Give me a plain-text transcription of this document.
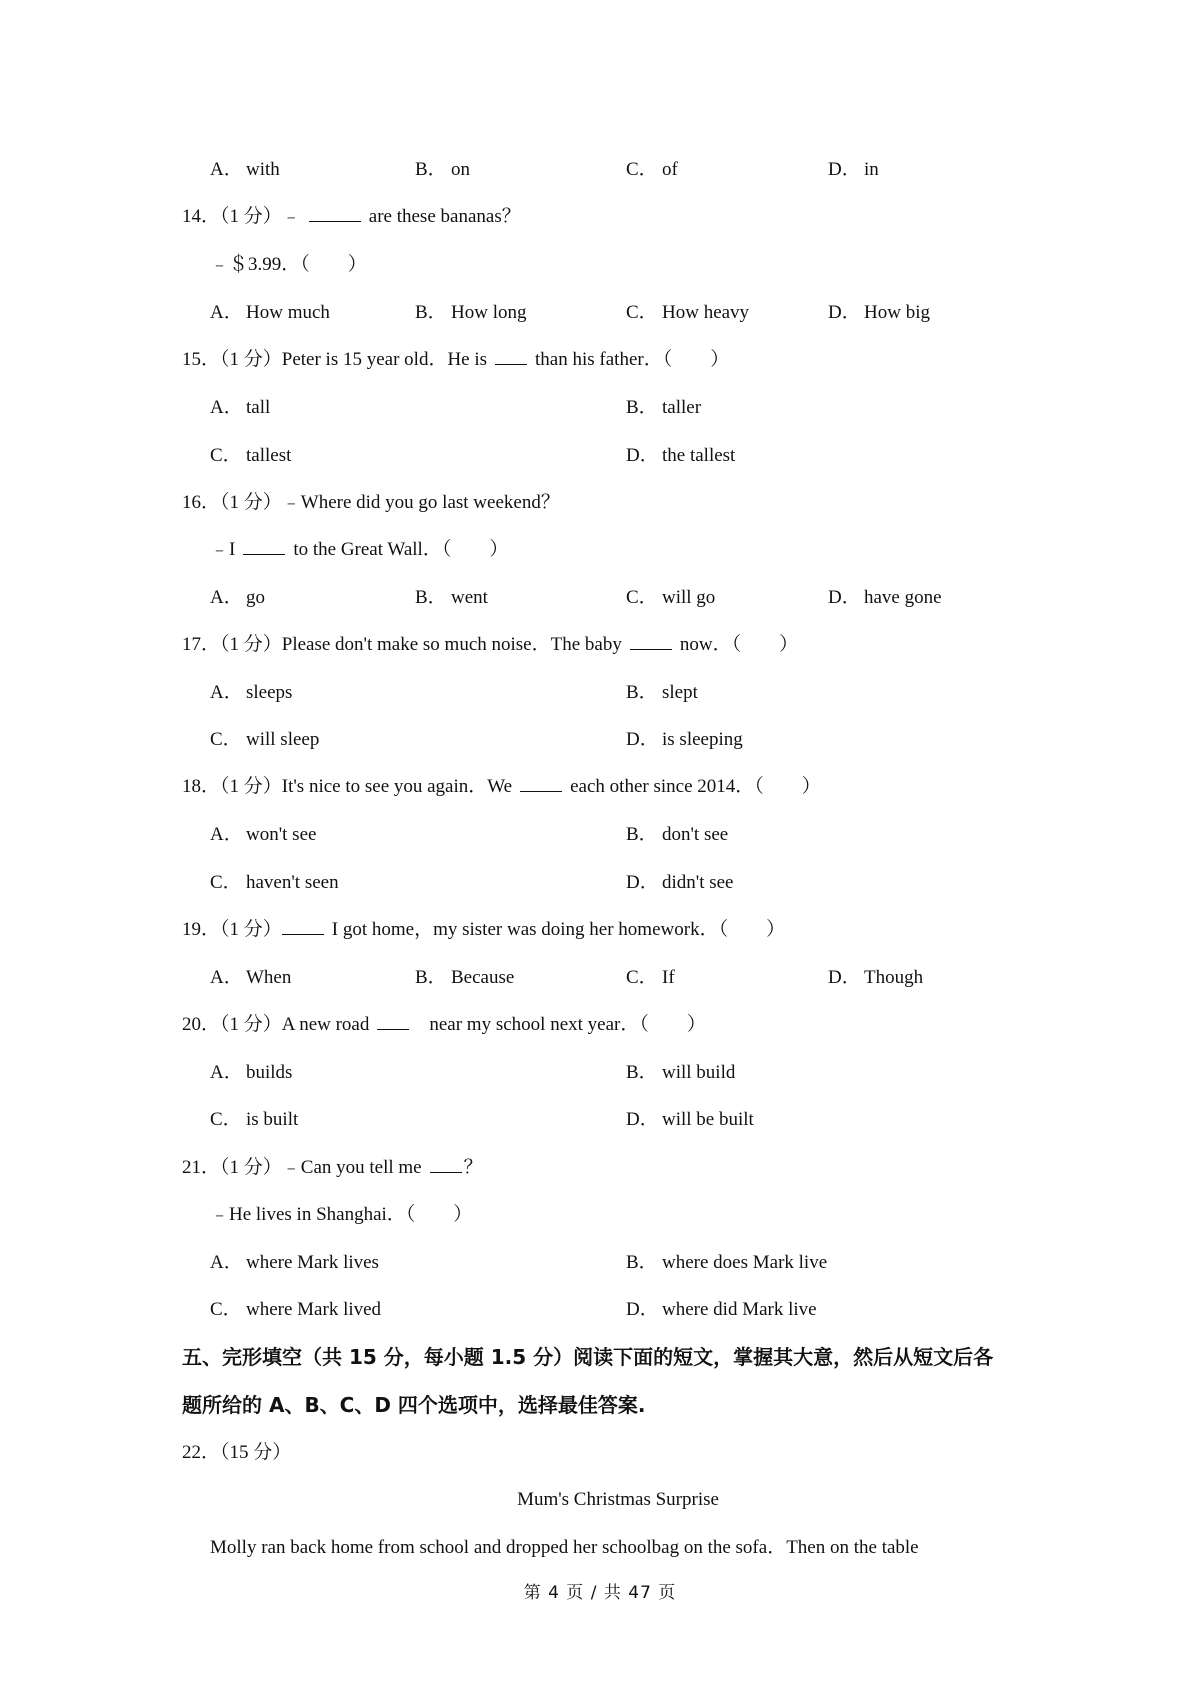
A． with	B． on	C． of	D． in
14．（1 分）﹣	are these bananas？
﹣＄3.99．（　　）
A． How much	B． How long	C． How heavy	D． How big
15．（1 分）Peter is 15 year old．He is	than his father．（　　）
A． tall	B． taller
C． tallest	D． the tallest
16．（1 分）﹣Where did you go last weekend？
﹣I	to the Great Wall．（　　）
A． go	B． went	C． will go	D． have gone
17．（1 分）Please don't make so much noise．The baby	now．（　　）
A． sleeps	B． slept
C． will sleep	D． is sleeping
18．（1 分）It's nice to see you again．We	each other since 2014．（　　）
A． won't see	B． don't see
C． haven't seen	D． didn't see
19．（1 分）	I got home，my sister was doing her homework．（　　）
A． When	B． Because	C． If	D． Though
20．（1 分）A new road	near my school next year．（　　）
A． builds	B． will build
C． is built	D． will be built
21．（1 分）﹣Can you tell me ？
﹣He lives in Shanghai．（　　）
A． where Mark lives	B． where does Mark live
C． where Mark lived	D． where did Mark live
五、完形填空（共 15 分，每小题 1.5 分）阅读下面的短文，掌握其大意，然后从短文后各
题所给的 A、B、C、D 四个选项中，选择最佳答案.
22．（15 分）
Mum's Christmas Surprise
Molly ran back home from school and dropped her schoolbag on the sofa．Then on the table
第 4 页 / 共 47 页
